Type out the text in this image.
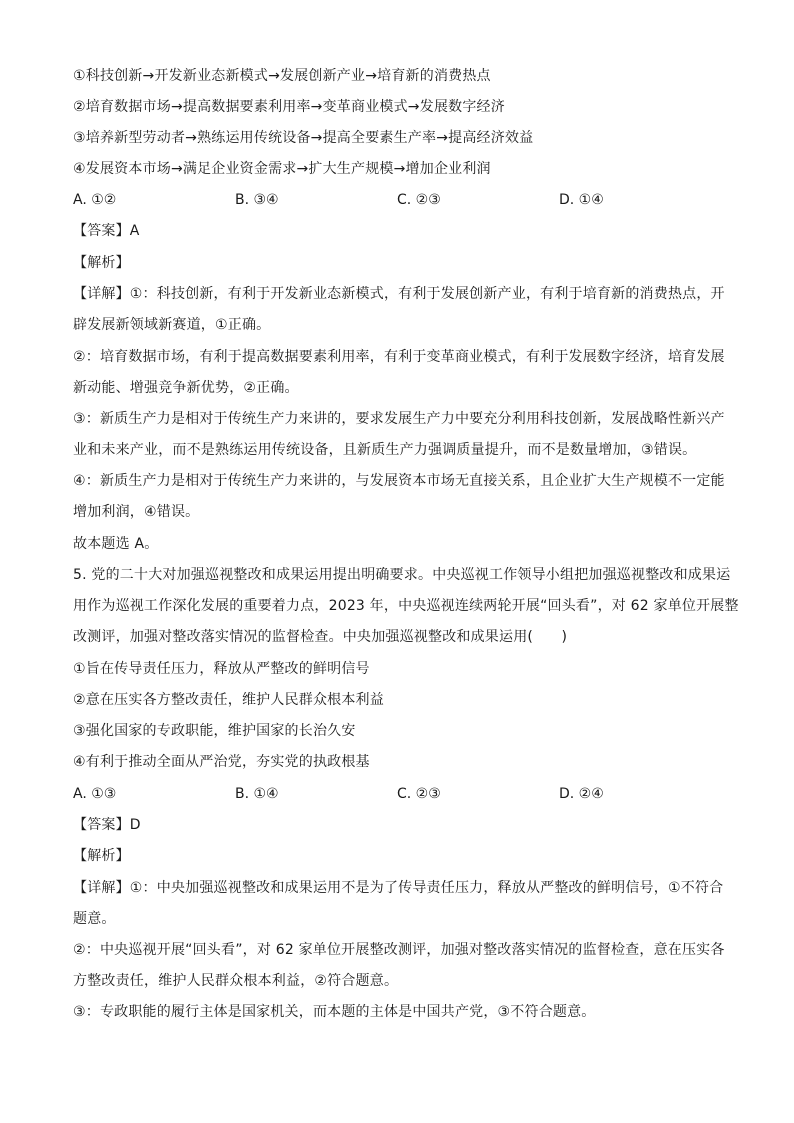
①科技创新→开发新业态新模式→发展创新产业→培育新的消费热点
②培育数据市场→提高数据要素利用率→变革商业模式→发展数字经济
③培养新型劳动者→熟练运用传统设备→提高全要素生产率→提高经济效益
④发展资本市场→满足企业资金需求→扩大生产规模→增加企业利润
A. ①②	B. ③④	C. ②③	D. ①④
【答案】A
【解析】
【详解】①：科技创新，有利于开发新业态新模式，有利于发展创新产业，有利于培育新的消费热点，开
辟发展新领域新赛道，①正确。
②：培育数据市场，有利于提高数据要素利用率，有利于变革商业模式，有利于发展数字经济，培育发展
新动能、增强竞争新优势，②正确。
③：新质生产力是相对于传统生产力来讲的，要求发展生产力中要充分利用科技创新，发展战略性新兴产
业和未来产业，而不是熟练运用传统设备，且新质生产力强调质量提升，而不是数量增加，③错误。
④：新质生产力是相对于传统生产力来讲的，与发展资本市场无直接关系，且企业扩大生产规模不一定能
增加利润，④错误。
故本题选 A。
5. 党的二十大对加强巡视整改和成果运用提出明确要求。中央巡视工作领导小组把加强巡视整改和成果运
用作为巡视工作深化发展的重要着力点，2023 年，中央巡视连续两轮开展“回头看”，对 62 家单位开展整
改测评，加强对整改落实情况的监督检查。中央加强巡视整改和成果运用(　　)
①旨在传导责任压力，释放从严整改的鲜明信号
②意在压实各方整改责任，维护人民群众根本利益
③强化国家的专政职能，维护国家的长治久安
④有利于推动全面从严治党，夯实党的执政根基
A. ①③	B. ①④	C. ②③	D. ②④
【答案】D
【解析】
【详解】①：中央加强巡视整改和成果运用不是为了传导责任压力，释放从严整改的鲜明信号，①不符合
题意。
②：中央巡视开展“回头看”，对 62 家单位开展整改测评，加强对整改落实情况的监督检查，意在压实各
方整改责任，维护人民群众根本利益，②符合题意。
③：专政职能的履行主体是国家机关，而本题的主体是中国共产党，③不符合题意。
